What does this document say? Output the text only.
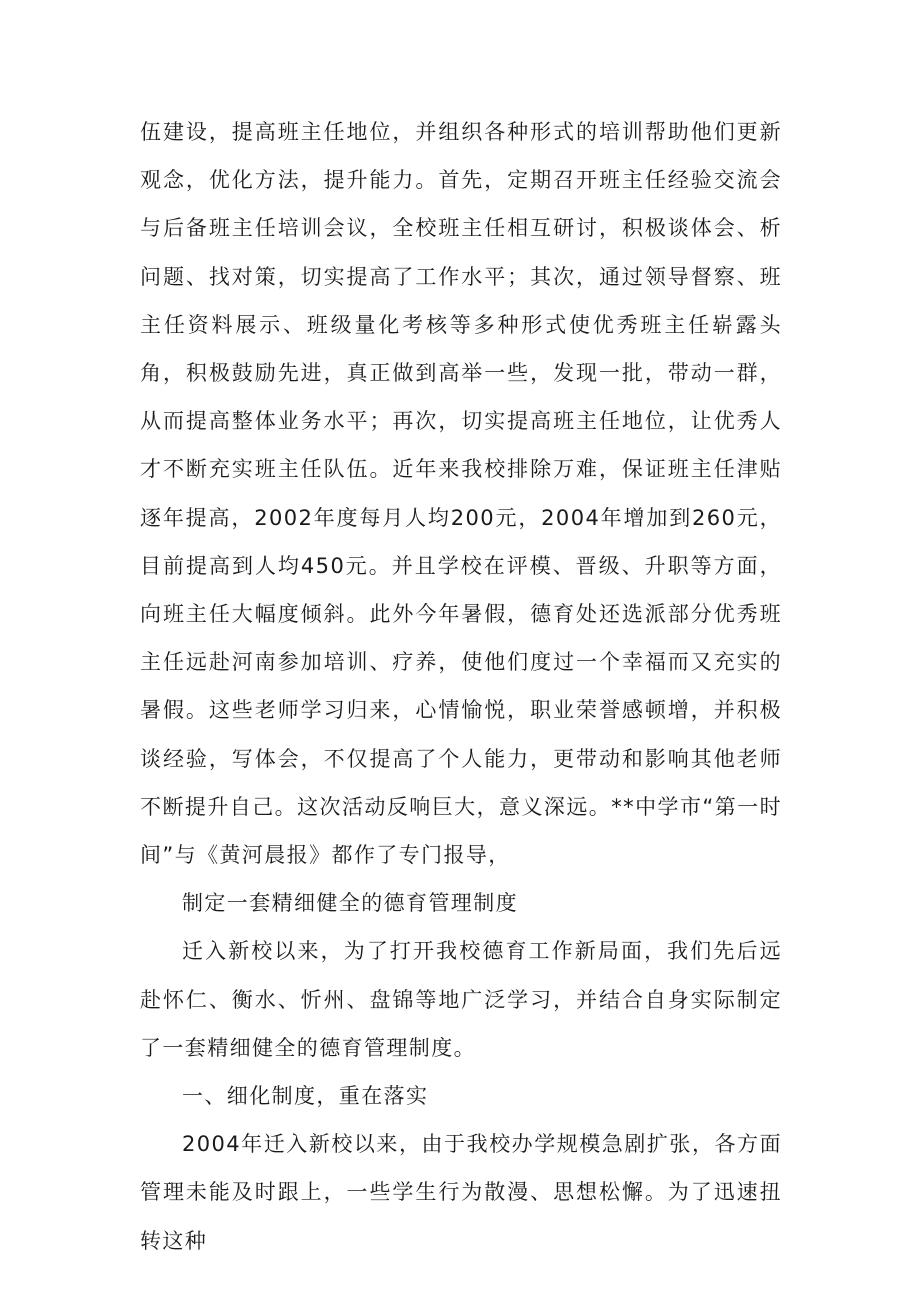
伍建设，提高班主任地位，并组织各种形式的培训帮助他们更新观念，优化方法，提升能力。首先，定期召开班主任经验交流会与后备班主任培训会议，全校班主任相互研讨，积极谈体会、析问题、找对策，切实提高了工作水平；其次，通过领导督察、班主任资料展示、班级量化考核等多种形式使优秀班主任崭露头角，积极鼓励先进，真正做到高举一些，发现一批，带动一群，从而提高整体业务水平；再次，切实提高班主任地位，让优秀人才不断充实班主任队伍。近年来我校排除万难，保证班主任津贴逐年提高，2002年度每月人均200元，2004年增加到260元，目前提高到人均450元。并且学校在评模、晋级、升职等方面，向班主任大幅度倾斜。此外今年暑假，德育处还选派部分优秀班主任远赴河南参加培训、疗养，使他们度过一个幸福而又充实的暑假。这些老师学习归来，心情愉悦，职业荣誉感顿增，并积极谈经验，写体会，不仅提高了个人能力，更带动和影响其他老师不断提升自己。这次活动反响巨大，意义深远。**中学市“第一时间”与《黄河晨报》都作了专门报导，

制定一套精细健全的德育管理制度

迁入新校以来，为了打开我校德育工作新局面，我们先后远赴怀仁、衡水、忻州、盘锦等地广泛学习，并结合自身实际制定了一套精细健全的德育管理制度。

一、细化制度，重在落实

2004年迁入新校以来，由于我校办学规模急剧扩张，各方面管理未能及时跟上，一些学生行为散漫、思想松懈。为了迅速扭转这种
